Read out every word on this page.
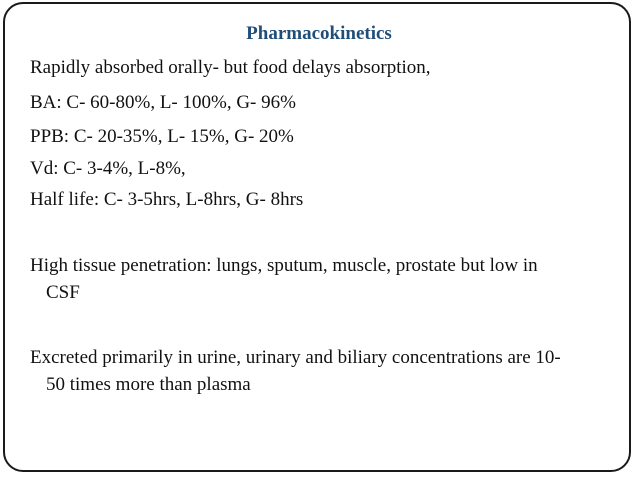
Pharmacokinetics
Rapidly absorbed orally- but food delays absorption,
BA: C- 60-80%, L- 100%, G- 96%
PPB: C- 20-35%, L- 15%, G- 20%
Vd: C- 3-4%, L-8%,
Half life: C- 3-5hrs, L-8hrs, G- 8hrs
High tissue penetration: lungs, sputum, muscle, prostate but low in
CSF
Excreted primarily in urine, urinary and biliary concentrations are 10-
50 times more than plasma
